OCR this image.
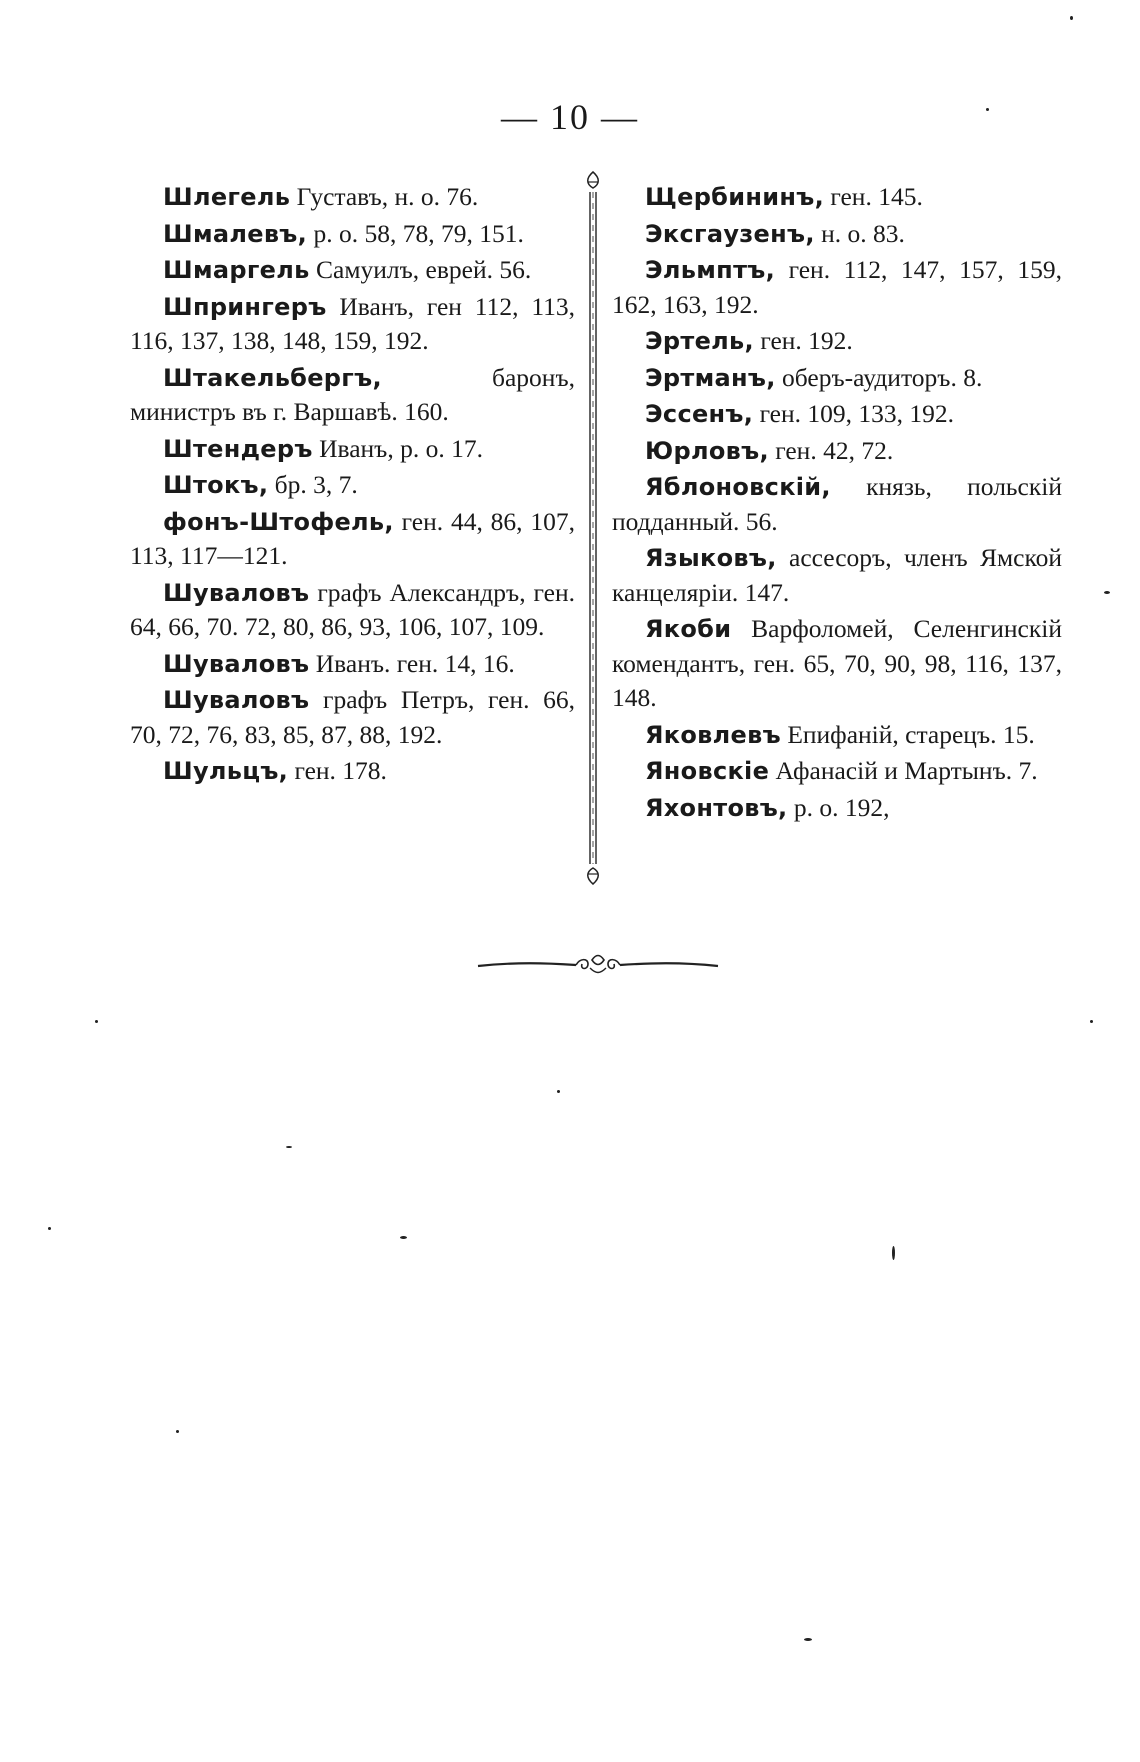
— 10 —

Шлегель Густавъ, н. о. 76.

Шмалевъ, р. о. 58, 78, 79, 151.

Шмаргель Самуилъ, еврей. 56.

Шпрингеръ Иванъ, ген 112, 113, 116, 137, 138, 148, 159, 192.

Штакельбергъ, баронъ, министръ въ г. Варшавѣ. 160.

Штендеръ Иванъ, р. о. 17.

Штокъ, бр. 3, 7.

фонъ-Штофель, ген. 44, 86, 107, 113, 117—121.

Шуваловъ графъ Александръ, ген. 64, 66, 70. 72, 80, 86, 93, 106, 107, 109.

Шуваловъ Иванъ. ген. 14, 16.

Шуваловъ графъ Петръ, ген. 66, 70, 72, 76, 83, 85, 87, 88, 192.

Шульцъ, ген. 178.

Щербининъ, ген. 145.

Эксгаузенъ, н. о. 83.

Эльмптъ, ген. 112, 147, 157, 159, 162, 163, 192.

Эртель, ген. 192.

Эртманъ, оберъ-аудиторъ. 8.

Эссенъ, ген. 109, 133, 192.

Юрловъ, ген. 42, 72.

Яблоновскій, князь, польскій подданный. 56.

Языковъ, ассесоръ, членъ Ямской канцеляріи. 147.

Якоби Варфоломей, Селенгинскій комендантъ, ген. 65, 70, 90, 98, 116, 137, 148.

Яковлевъ Епифаній, старецъ. 15.

Яновскіе Афанасій и Мартынъ. 7.

Яхонтовъ, р. о. 192,
